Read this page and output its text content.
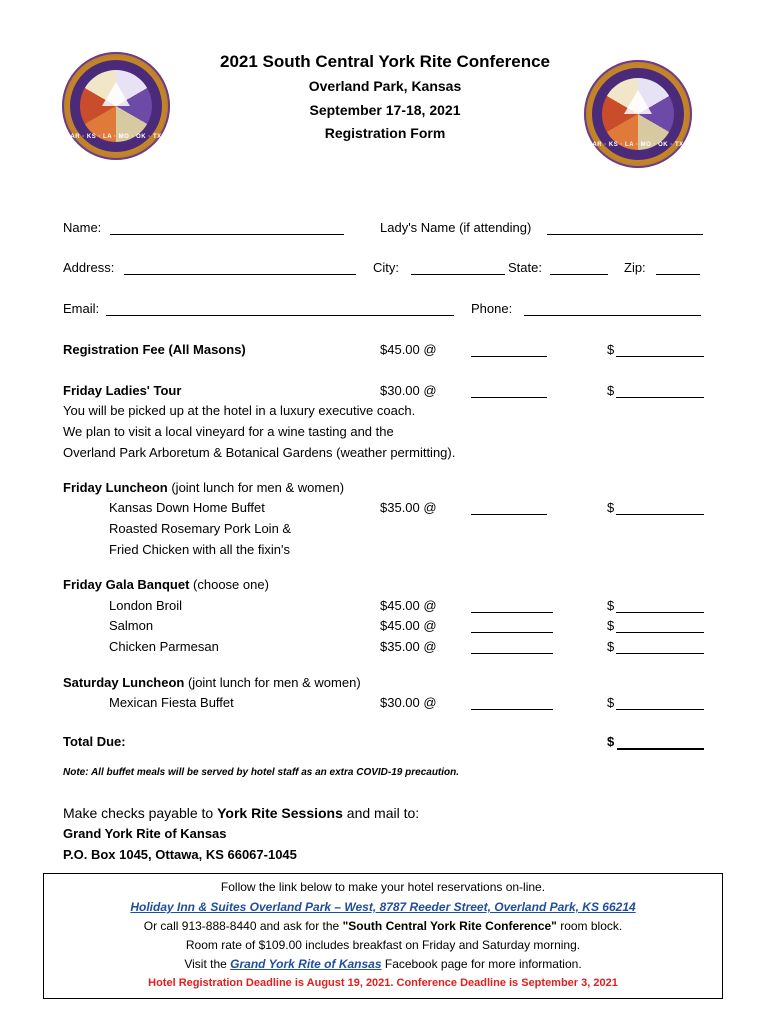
AR · KS · LA · MO · OK · TX
AR · KS · LA · MO · OK · TX
2021 South Central York Rite Conference
Overland Park, Kansas
September 17-18, 2021
Registration Form
Name:	Lady's Name (if attending)
Address:	City:	State:	Zip:
Email:	Phone:
Registration Fee (All Masons)	$45.00 @	$
Friday Ladies' Tour	$30.00 @	$
You will be picked up at the hotel in a luxury executive coach.
We plan to visit a local vineyard for a wine tasting and the
Overland Park Arboretum & Botanical Gardens (weather permitting).
Friday Luncheon (joint lunch for men & women)
Kansas Down Home Buffet	$35.00 @	$
Roasted Rosemary Pork Loin &
Fried Chicken with all the fixin's
Friday Gala Banquet (choose one)
London Broil	$45.00 @	$
Salmon	$45.00 @	$
Chicken Parmesan	$35.00 @	$
Saturday Luncheon (joint lunch for men & women)
Mexican Fiesta Buffet	$30.00 @	$
Total Due:	$
Note: All buffet meals will be served by hotel staff as an extra COVID-19 precaution.
Make checks payable to York Rite Sessions and mail to:
Grand York Rite of Kansas
P.O. Box 1045, Ottawa, KS 66067-1045
Follow the link below to make your hotel reservations on-line.
Holiday Inn & Suites Overland Park – West, 8787 Reeder Street, Overland Park, KS 66214
Or call 913-888-8440 and ask for the "South Central York Rite Conference" room block.
Room rate of $109.00 includes breakfast on Friday and Saturday morning.
Visit the Grand York Rite of Kansas Facebook page for more information.
Hotel Registration Deadline is August 19, 2021. Conference Deadline is September 3, 2021
